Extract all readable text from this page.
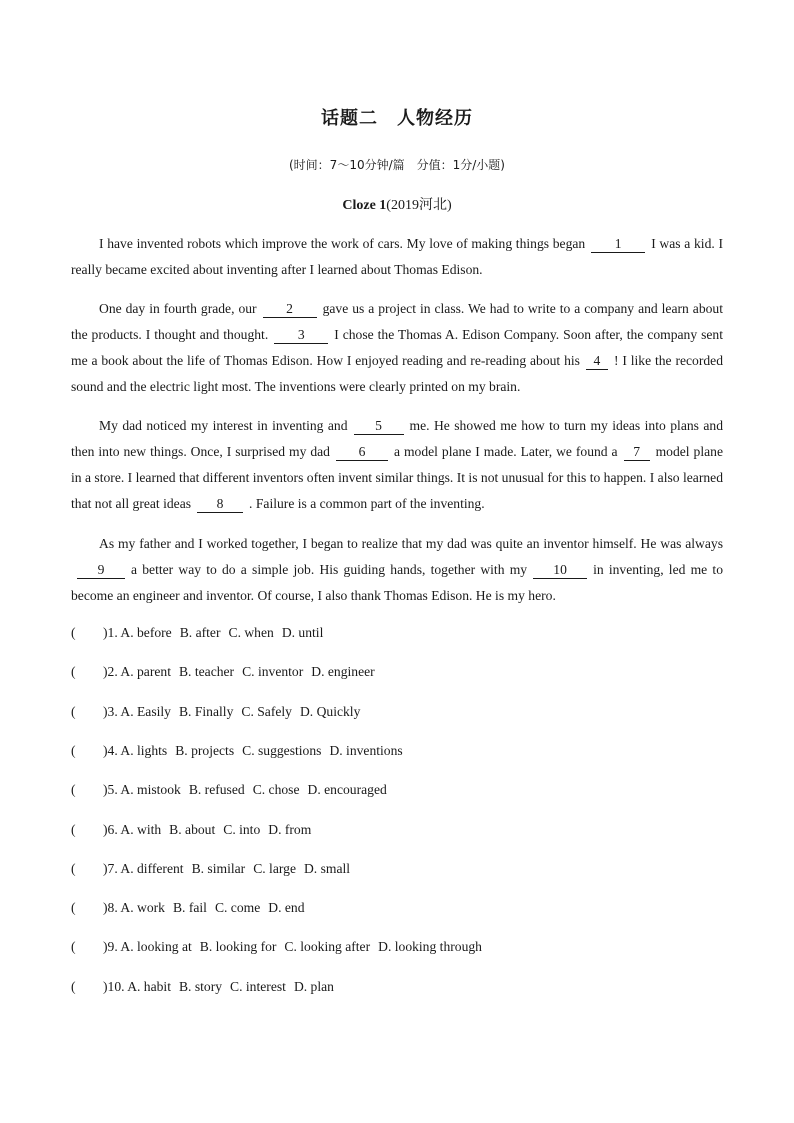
话题二　人物经历
(时间：7～10分钟/篇　分值：1分/小题)
Cloze 1(2019河北)

I have invented robots which improve the work of cars. My love of making things began 1 I was a kid. I really became excited about inventing after I learned about Thomas Edison.

One day in fourth grade, our 2 gave us a project in class. We had to write to a company and learn about the products. I thought and thought. 3 I chose the Thomas A. Edison Company. Soon after, the company sent me a book about the life of Thomas Edison. How I enjoyed reading and re-reading about his 4 ! I like the recorded sound and the electric light most. The inventions were clearly printed on my brain.

My dad noticed my interest in inventing and 5 me. He showed me how to turn my ideas into plans and then into new things. Once, I surprised my dad 6 a model plane I made. Later, we found a 7 model plane in a store. I learned that different inventors often invent similar things. It is not unusual for this to happen. I also learned that not all great ideas 8 . Failure is a common part of the inventing.

As my father and I worked together, I began to realize that my dad was quite an inventor himself. He was always9 a better way to do a simple job. His guiding hands, together with my 10 in inventing, led me to become an engineer and inventor. Of course, I also thank Thomas Edison. He is my hero.

( )1. A. before B. after C. when D. until
( )2. A. parent B. teacher C. inventor D. engineer
( )3. A. Easily B. Finally C. Safely D. Quickly
( )4. A. lights B. projects C. suggestions D. inventions
( )5. A. mistook B. refused C. chose D. encouraged
( )6. A. with B. about C. into D. from
( )7. A. different B. similar C. large D. small
( )8. A. work B. fail C. come D. end
( )9. A. looking at B. looking for C. looking after D. looking through
( )10. A. habit B. story C. interest D. plan
